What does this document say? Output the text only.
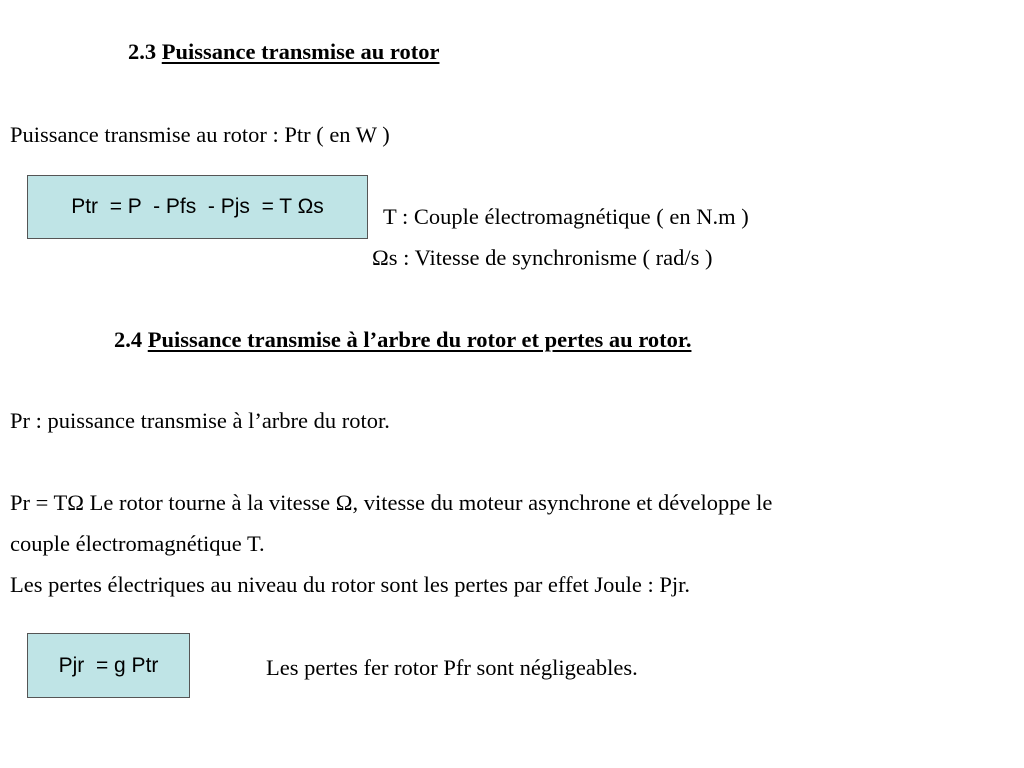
2.3 Puissance transmise au rotor
Puissance transmise au rotor : Ptr ( en W )
Ptr  = P  - Pfs  - Pjs  = T Ωs	T : Couple électromagnétique ( en N.m )
Ωs : Vitesse de synchronisme ( rad/s )
2.4 Puissance transmise à l’arbre du rotor et pertes au rotor.
Pr : puissance transmise à l’arbre du rotor.
Pr = TΩ Le rotor tourne à la vitesse Ω, vitesse du moteur asynchrone et développe le
couple électromagnétique T.
Les pertes électriques au niveau du rotor sont les pertes par effet Joule : Pjr.
Pjr  = g Ptr	Les pertes fer rotor Pfr sont négligeables.
